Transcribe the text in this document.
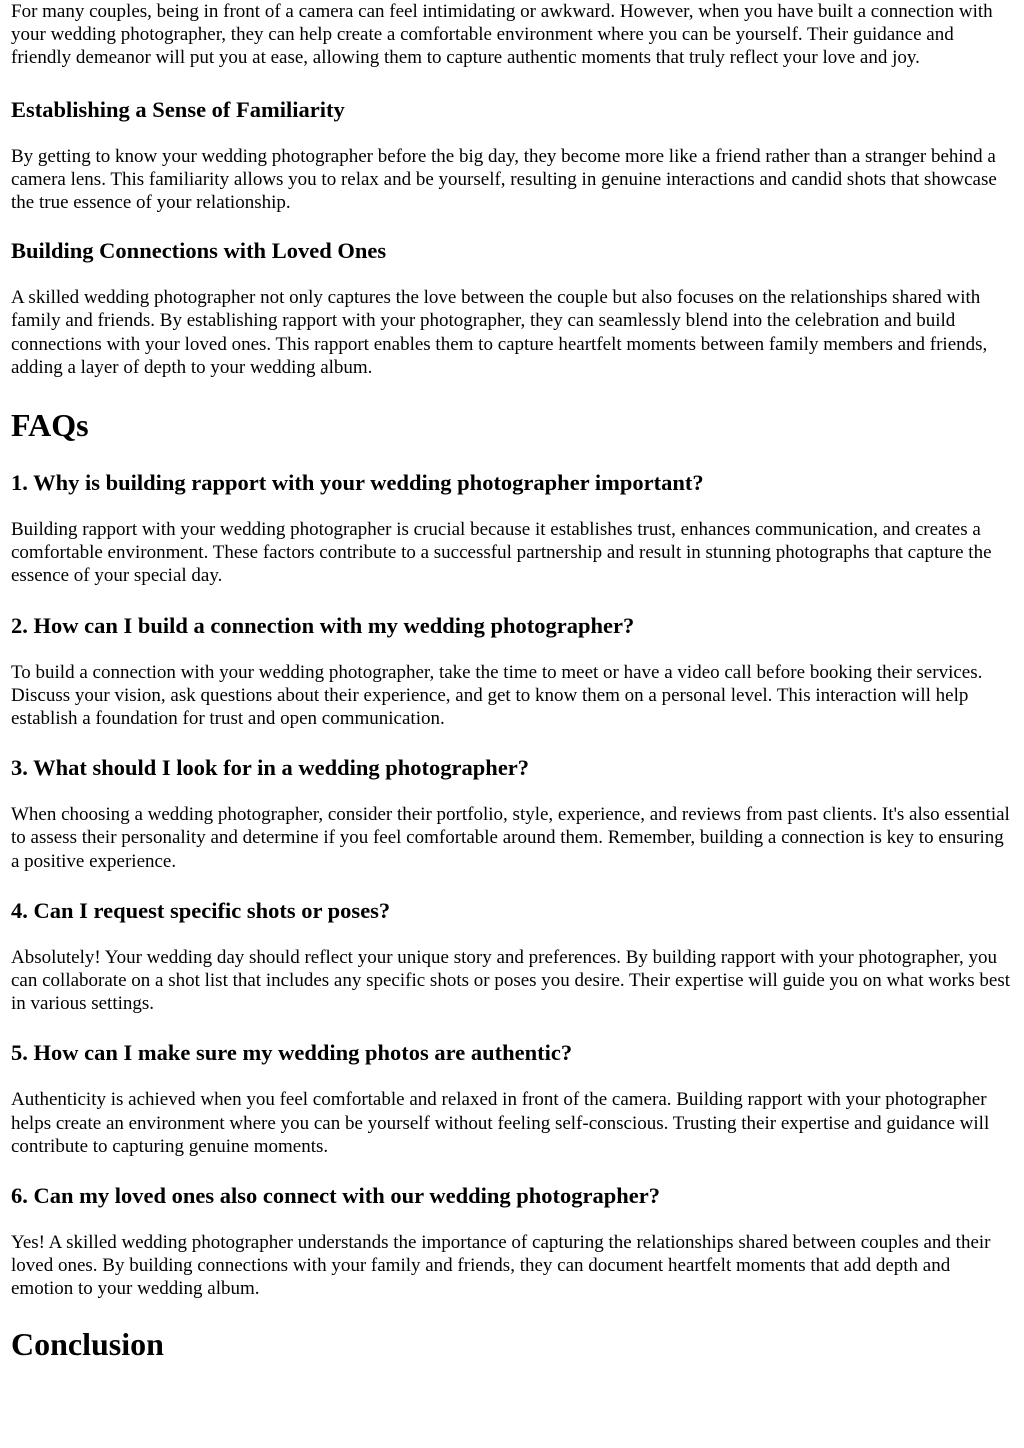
For many couples, being in front of a camera can feel intimidating or awkward. However, when you have built a connection with your wedding photographer, they can help create a comfortable environment where you can be yourself. Their guidance and friendly demeanor will put you at ease, allowing them to capture authentic moments that truly reflect your love and joy.

Establishing a Sense of Familiarity

By getting to know your wedding photographer before the big day, they become more like a friend rather than a stranger behind a camera lens. This familiarity allows you to relax and be yourself, resulting in genuine interactions and candid shots that showcase the true essence of your relationship.

Building Connections with Loved Ones

A skilled wedding photographer not only captures the love between the couple but also focuses on the relationships shared with family and friends. By establishing rapport with your photographer, they can seamlessly blend into the celebration and build connections with your loved ones. This rapport enables them to capture heartfelt moments between family members and friends, adding a layer of depth to your wedding album.

FAQs
1. Why is building rapport with your wedding photographer important?

Building rapport with your wedding photographer is crucial because it establishes trust, enhances communication, and creates a comfortable environment. These factors contribute to a successful partnership and result in stunning photographs that capture the essence of your special day.

2. How can I build a connection with my wedding photographer?

To build a connection with your wedding photographer, take the time to meet or have a video call before booking their services. Discuss your vision, ask questions about their experience, and get to know them on a personal level. This interaction will help establish a foundation for trust and open communication.

3. What should I look for in a wedding photographer?

When choosing a wedding photographer, consider their portfolio, style, experience, and reviews from past clients. It's also essential to assess their personality and determine if you feel comfortable around them. Remember, building a connection is key to ensuring a positive experience.

4. Can I request specific shots or poses?

Absolutely! Your wedding day should reflect your unique story and preferences. By building rapport with your photographer, you can collaborate on a shot list that includes any specific shots or poses you desire. Their expertise will guide you on what works best in various settings.

5. How can I make sure my wedding photos are authentic?

Authenticity is achieved when you feel comfortable and relaxed in front of the camera. Building rapport with your photographer helps create an environment where you can be yourself without feeling self-conscious. Trusting their expertise and guidance will contribute to capturing genuine moments.

6. Can my loved ones also connect with our wedding photographer?

Yes! A skilled wedding photographer understands the importance of capturing the relationships shared between couples and their loved ones. By building connections with your family and friends, they can document heartfelt moments that add depth and emotion to your wedding album.

Conclusion
